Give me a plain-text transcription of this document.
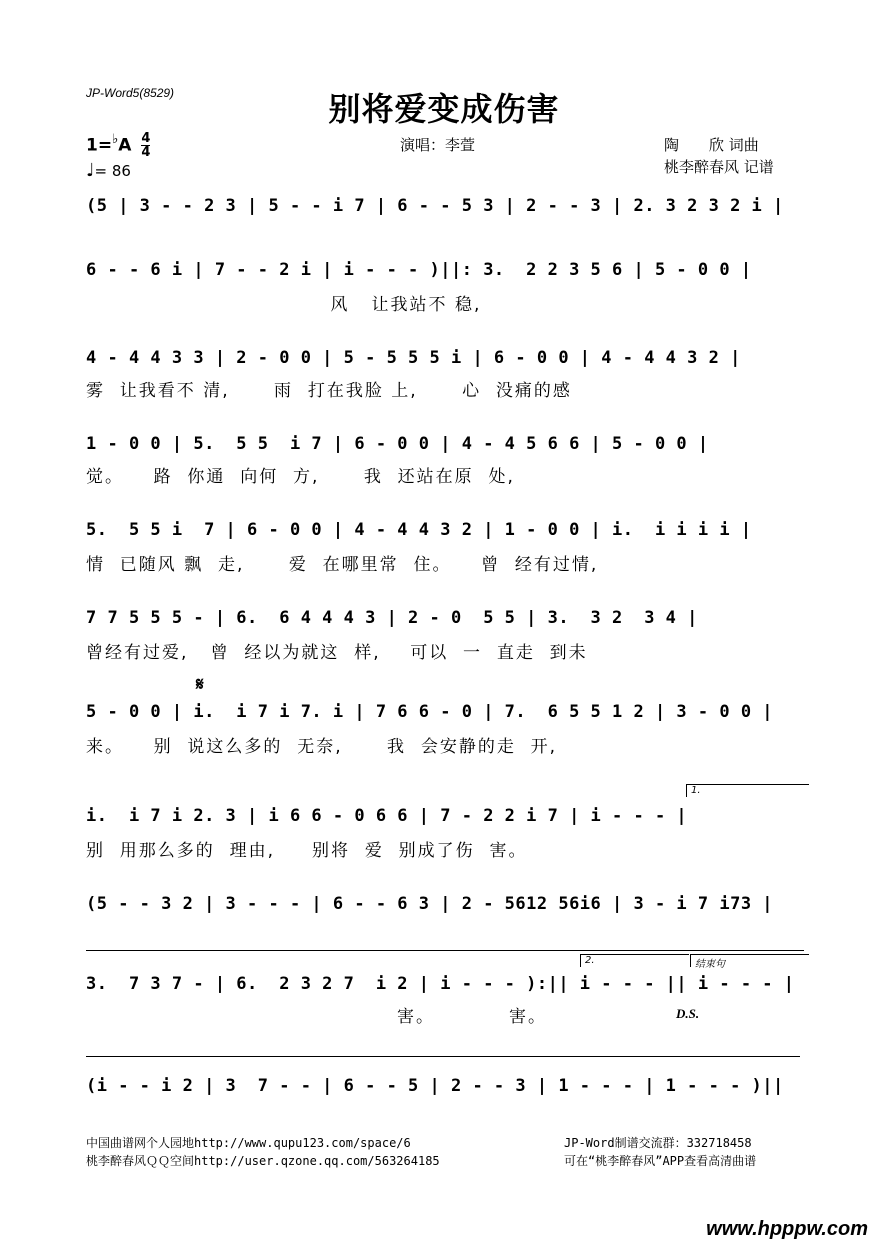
JP-Word5(8529)	别将爱变成伤害
$1=^♭A \frac{4}{4}$
♩= 86
演唱：李萱	陶　　欣 词曲
桃李醉春风 记谱
(5 | 3 - - 2 3 | 5 - - i 7 | 6 - - 5 3 | 2 - - 3 | 2. 3 2 3 2 i |
6 - - 6 i | 7 - - 2 i | i - - - )||: 3.  2 2 3 5 6 | 5 - 0 0 |
风   让我站不 稳,
4 - 4 4 3 3 | 2 - 0 0 | 5 - 5 5 5 i | 6 - 0 0 | 4 - 4 4 3 2 |
雾  让我看不 清,      雨  打在我脸 上,      心  没痛的感
1 - 0 0 | 5.  5 5  i 7 | 6 - 0 0 | 4 - 4 5 6 6 | 5 - 0 0 |
觉。    路  你通  向何  方,      我  还站在原  处,
5.  5 5 i  7 | 6 - 0 0 | 4 - 4 4 3 2 | 1 - 0 0 | i.  i i i i |
情  已随风 飘  走,      爱  在哪里常  住。    曾  经有过情,
7 7 5 5 5 - | 6.  6 4 4 4 3 | 2 - 0  5 5 | 3.  3 2  3 4 |
曾经有过爱,   曾  经以为就这  样,    可以  一  直走  到未
𝄋
5 - 0 0 | i.  i 7 i 7. i | 7 6 6 - 0 | 7.  6 5 5 1 2 | 3 - 0 0 |
来。    别  说这么多的  无奈,      我  会安静的走  开,
1.
i.  i 7 i 2. 3 | i 6 6 - 0 6 6 | 7 - 2 2 i 7 | i - - - |
别  用那么多的  理由,     别将  爱  别成了伤  害。
(5 - - 3 2 | 3 - - - | 6 - - 6 3 | 2 - 5612 56i6 | 3 - i 7 i73 |
2.	结束句
3.  7 3 7 - | 6.  2 3 2 7  i 2 | i - - - ):|| i - - - || i - - - |
害。          害。	D.S.
(i - - i 2 | 3  7 - - | 6 - - 5 | 2 - - 3 | 1 - - - | 1 - - - )||
中国曲谱网个人园地http://www.qupu123.com/space/6
桃李醉春风ＱＱ空间http://user.qzone.qq.com/563264185
JP-Word制谱交流群：332718458
可在“桃李醉春风”APP查看高清曲谱
www.hpppw.com
